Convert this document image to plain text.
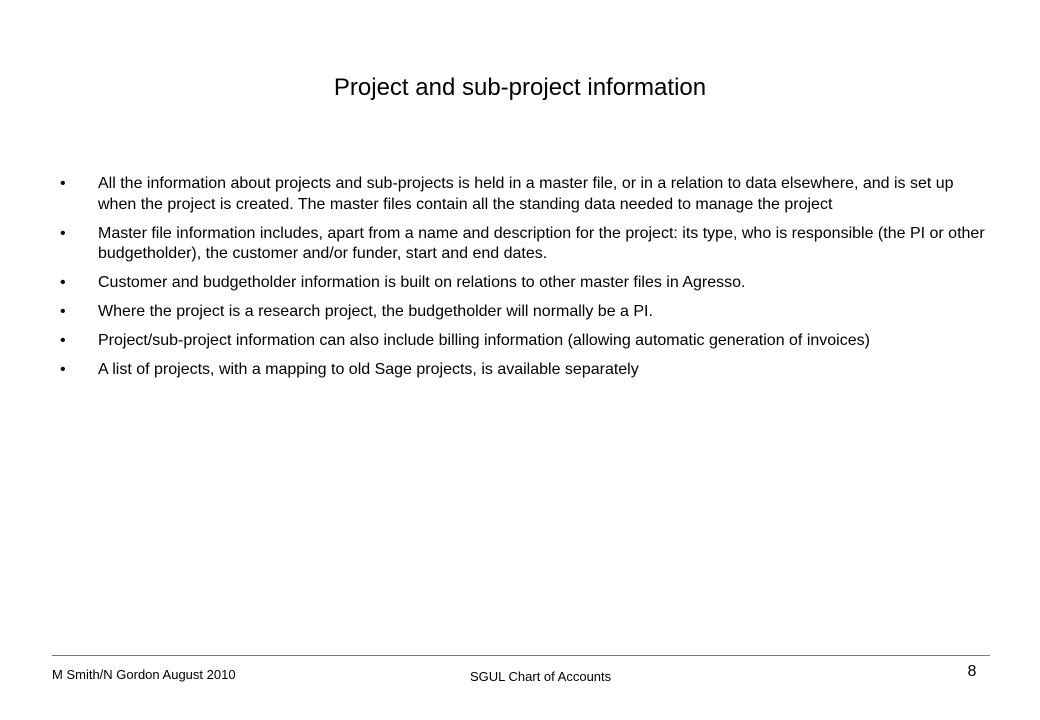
Project and sub-project information
• All the information about projects and sub-projects is held in a master file, or in a relation to data elsewhere, and is set up when the project is created. The master files contain all the standing data needed to manage the project
• Master file information includes, apart from a name and description for the project: its type, who is responsible (the PI or other budgetholder), the customer and/or funder, start and end dates.
• Customer and budgetholder information is built on relations to other master files in Agresso.
• Where the project is a research project, the budgetholder will normally be a PI.
• Project/sub-project information can also include billing information (allowing automatic generation of invoices)
• A list of projects, with a mapping to old Sage projects, is available separately
M Smith/N Gordon August 2010	SGUL Chart of Accounts	8
